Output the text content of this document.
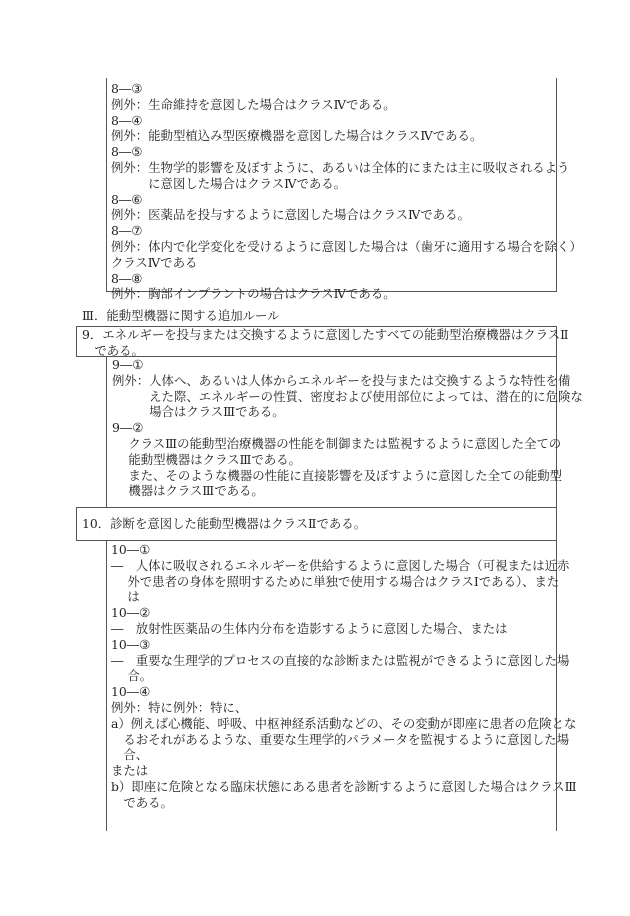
8―③
例外：生命維持を意図した場合はクラスⅣである。
8―④
例外：能動型植込み型医療機器を意図した場合はクラスⅣである。
8―⑤
例外：生物学的影響を及ぼすように、あるいは全体的にまたは主に吸収されるよう
　　　に意図した場合はクラスⅣである。
8―⑥
例外：医薬品を投与するように意図した場合はクラスⅣである。
8―⑦
例外：体内で化学変化を受けるように意図した場合は（歯牙に適用する場合を除く）
クラスⅣである
8―⑧
例外：胸部インプラントの場合はクラスⅣである。
Ⅲ．能動型機器に関する追加ルール
9．エネルギーを投与または交換するように意図したすべての能動型治療機器はクラスⅡ
　である。
9―①
例外：人体へ、あるいは人体からエネルギーを投与または交換するような特性を備
　　　えた際、エネルギーの性質、密度および使用部位によっては、潜在的に危険な
　　　場合はクラスⅢである。
9―②
　クラスⅢの能動型治療機器の性能を制御または監視するように意図した全ての
　能動型機器はクラスⅢである。
　また、そのような機器の性能に直接影響を及ぼすように意図した全ての能動型
　機器はクラスⅢである。
10．診断を意図した能動型機器はクラスⅡである。
10―①
―　人体に吸収されるエネルギーを供給するように意図した場合（可視または近赤
　外で患者の身体を照明するために単独で使用する場合はクラスⅠである）、また
　は
10―②
―　放射性医薬品の生体内分布を造影するように意図した場合、または
10―③
―　重要な生理学的プロセスの直接的な診断または監視ができるように意図した場
　合。
10―④
例外：特に例外：特に、
a）例えば心機能、呼吸、中枢神経系活動などの、その変動が即座に患者の危険とな
　るおそれがあるような、重要な生理学的パラメータを監視するように意図した場
　合、
または
b）即座に危険となる臨床状態にある患者を診断するように意図した場合はクラスⅢ
　である。
